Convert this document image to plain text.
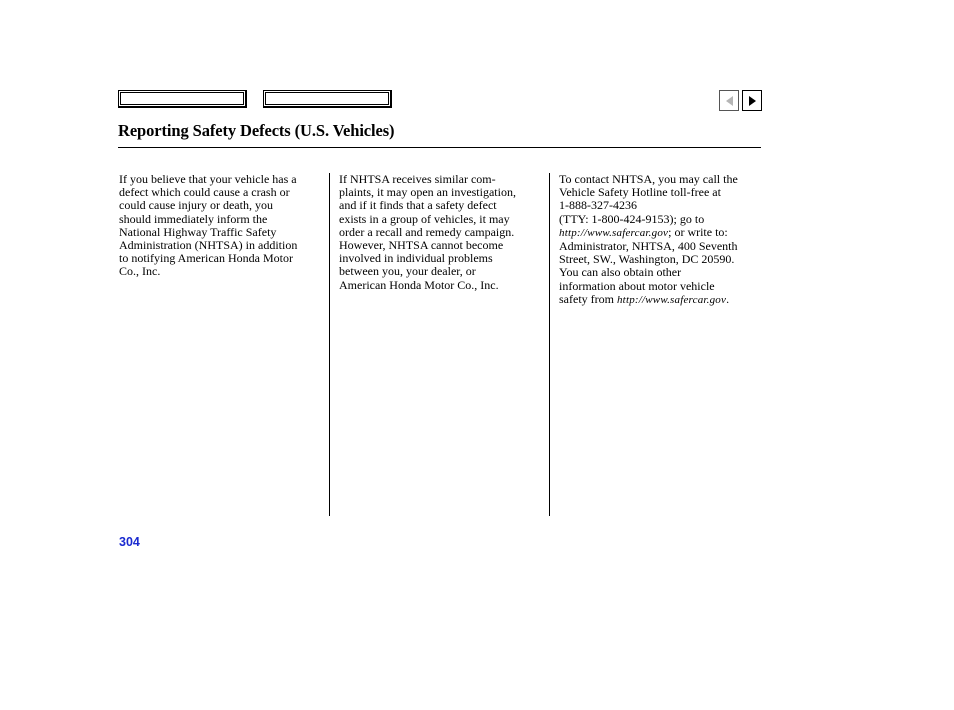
Reporting Safety Defects (U.S. Vehicles)

If you believe that your vehicle has a
defect which could cause a crash or
could cause injury or death, you
should immediately inform the
National Highway Traffic Safety
Administration (NHTSA) in addition
to notifying American Honda Motor
Co., Inc.

If NHTSA receives similar com-
plaints, it may open an investigation,
and if it finds that a safety defect
exists in a group of vehicles, it may
order a recall and remedy campaign.
However, NHTSA cannot become
involved in individual problems
between you, your dealer, or
American Honda Motor Co., Inc.

To contact NHTSA, you may call the
Vehicle Safety Hotline toll-free at
1-888-327-4236
(TTY: 1-800-424-9153); go to
http://www.safercar.gov; or write to:
Administrator, NHTSA, 400 Seventh
Street, SW., Washington, DC 20590.
You can also obtain other
information about motor vehicle
safety from http://www.safercar.gov.

304
